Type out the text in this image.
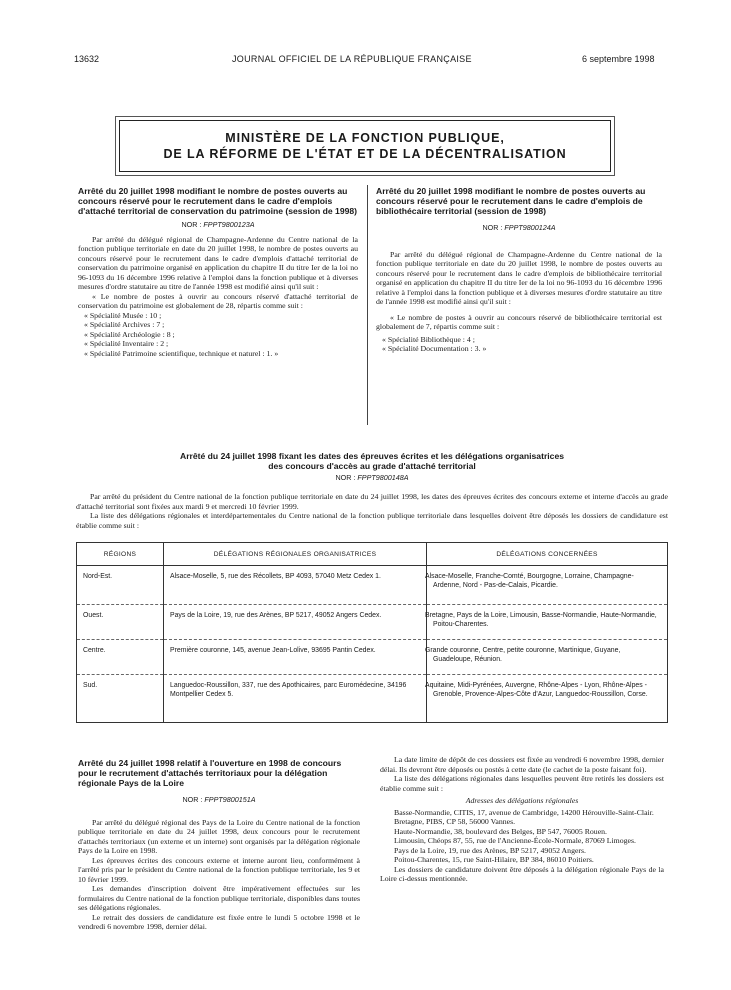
13632	JOURNAL OFFICIEL DE LA RÉPUBLIQUE FRANÇAISE	6 septembre 1998
MINISTÈRE DE LA FONCTION PUBLIQUE,
DE LA RÉFORME DE L'ÉTAT ET DE LA DÉCENTRALISATION
Arrêté du 20 juillet 1998 modifiant le nombre de postes ouverts au concours réservé pour le recrutement dans le cadre d'emplois d'attaché territorial de conservation du patrimoine (session de 1998)
NOR : FPPT9800123A

Par arrêté du délégué régional de Champagne-Ardenne du Centre national de la fonction publique territoriale en date du 20 juillet 1998, le nombre de postes ouverts au concours réservé pour le recrutement dans le cadre d'emplois d'attaché territorial de conservation du patrimoine organisé en application du chapitre II du titre Ier de la loi no 96-1093 du 16 décembre 1996 relative à l'emploi dans la fonction publique et à diverses mesures d'ordre statutaire au titre de l'année 1998 est modifié ainsi qu'il suit :

« Le nombre de postes à ouvrir au concours réservé d'attaché territorial de conservation du patrimoine est globalement de 28, répartis comme suit :

« Spécialité Musée : 10 ;

« Spécialité Archives : 7 ;

« Spécialité Archéologie : 8 ;

« Spécialité Inventaire : 2 ;

« Spécialité Patrimoine scientifique, technique et naturel : 1. »

Arrêté du 20 juillet 1998 modifiant le nombre de postes ouverts au concours réservé pour le recrutement dans le cadre d'emplois de bibliothécaire territorial (session de 1998)
NOR : FPPT9800124A

Par arrêté du délégué régional de Champagne-Ardenne du Centre national de la fonction publique territoriale en date du 20 juillet 1998, le nombre de postes ouverts au concours réservé pour le recrutement dans le cadre d'emplois de bibliothécaire territorial organisé en application du chapitre II du titre Ier de la loi no 96-1093 du 16 décembre 1996 relative à l'emploi dans la fonction publique et à diverses mesures d'ordre statutaire au titre de l'année 1998 est modifié ainsi qu'il suit :

« Le nombre de postes à ouvrir au concours réservé de bibliothécaire territorial est globalement de 7, répartis comme suit :

« Spécialité Bibliothèque : 4 ;

« Spécialité Documentation : 3. »

Arrêté du 24 juillet 1998 fixant les dates des épreuves écrites et les délégations organisatrices
des concours d'accès au grade d'attaché territorial
NOR : FPPT9800148A

Par arrêté du président du Centre national de la fonction publique territoriale en date du 24 juillet 1998, les dates des épreuves écrites des concours externe et interne d'accès au grade d'attaché territorial sont fixées aux mardi 9 et mercredi 10 février 1999.

La liste des délégations régionales et interdépartementales du Centre national de la fonction publique territoriale dans lesquelles doivent être déposés les dossiers de candidature est établie comme suit :

RÉGIONS	DÉLÉGATIONS RÉGIONALES ORGANISATRICES	DÉLÉGATIONS CONCERNÉES
Nord-Est.	Alsace-Moselle, 5, rue des Récollets, BP 4093, 57040 Metz Cedex 1.	Alsace-Moselle, Franche-Comté, Bourgogne, Lorraine, Champagne-Ardenne, Nord - Pas-de-Calais, Picardie.
Ouest.	Pays de la Loire, 19, rue des Arènes, BP 5217, 49052 Angers Cedex.	Bretagne, Pays de la Loire, Limousin, Basse-Normandie, Haute-Normandie, Poitou-Charentes.
Centre.	Première couronne, 145, avenue Jean-Lolive, 93695 Pantin Cedex.	Grande couronne, Centre, petite couronne, Martinique, Guyane, Guadeloupe, Réunion.
Sud.	Languedoc-Roussillon, 337, rue des Apothicaires, parc Euromédecine, 34196 Montpellier Cedex 5.	Aquitaine, Midi-Pyrénées, Auvergne, Rhône-Alpes - Lyon, Rhône-Alpes - Grenoble, Provence-Alpes-Côte d'Azur, Languedoc-Roussillon, Corse.
Arrêté du 24 juillet 1998 relatif à l'ouverture en 1998 de concours pour le recrutement d'attachés territoriaux pour la délégation régionale Pays de la Loire
NOR : FPPT9800151A

Par arrêté du délégué régional des Pays de la Loire du Centre national de la fonction publique territoriale en date du 24 juillet 1998, deux concours pour le recrutement d'attachés territoriaux (un externe et un interne) sont organisés par la délégation régionale Pays de la Loire en 1998.

Les épreuves écrites des concours externe et interne auront lieu, conformément à l'arrêté pris par le président du Centre national de la fonction publique territoriale, les 9 et 10 février 1999.

Les demandes d'inscription doivent être impérativement effectuées sur les formulaires du Centre national de la fonction publique territoriale, disponibles dans toutes ses délégations régionales.

Le retrait des dossiers de candidature est fixée entre le lundi 5 octobre 1998 et le vendredi 6 novembre 1998, dernier délai.

La date limite de dépôt de ces dossiers est fixée au vendredi 6 novembre 1998, dernier délai. Ils devront être déposés ou postés à cette date (le cachet de la poste faisant foi).

La liste des délégations régionales dans lesquelles peuvent être retirés les dossiers est établie comme suit :

Adresses des délégations régionales

Basse-Normandie, CITIS, 17, avenue de Cambridge, 14200 Hérouville-Saint-Clair.

Bretagne, PIBS, CP 58, 56000 Vannes.

Haute-Normandie, 38, boulevard des Belges, BP 547, 76005 Rouen.

Limousin, Chéops 87, 55, rue de l'Ancienne-École-Normale, 87069 Limoges.

Pays de la Loire, 19, rue des Arènes, BP 5217, 49052 Angers.

Poitou-Charentes, 15, rue Saint-Hilaire, BP 384, 86010 Poitiers.

Les dossiers de candidature doivent être déposés à la délégation régionale Pays de la Loire ci-dessus mentionnée.
